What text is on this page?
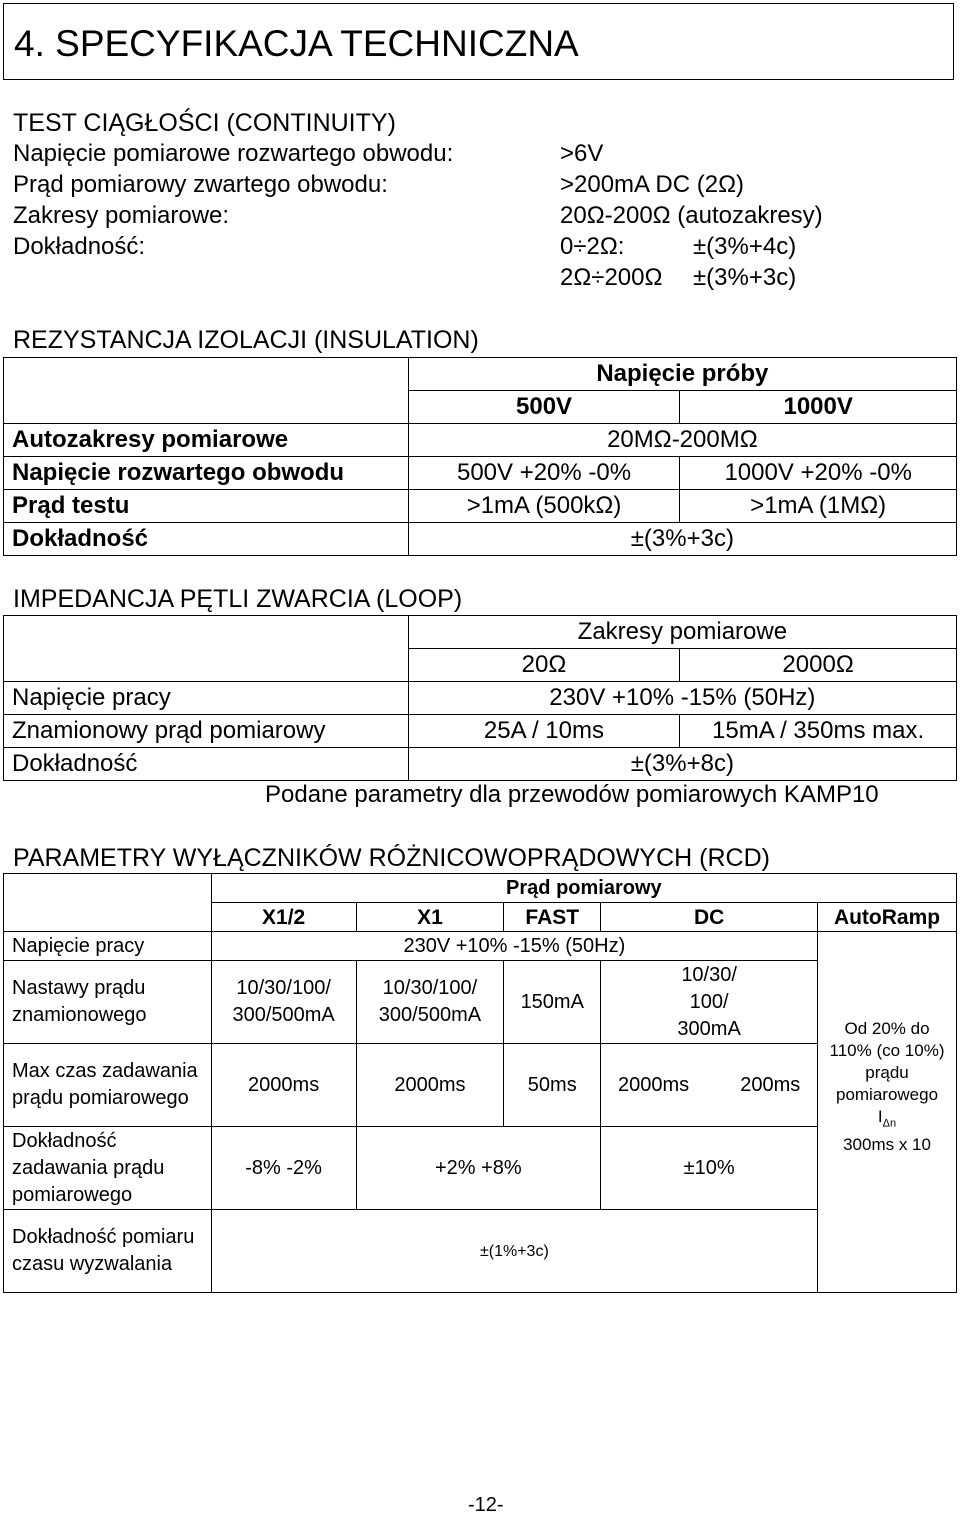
4. SPECYFIKACJA TECHNICZNA
TEST CIĄGŁOŚCI (CONTINUITY)
Napięcie pomiarowe rozwartego obwodu:	>6V
Prąd pomiarowy zwartego obwodu:	>200mA DC (2Ω)
Zakresy pomiarowe:	20Ω-200Ω (autozakresy)
Dokładność:	0÷2Ω:	±(3%+4c)
2Ω÷200Ω ±(3%+3c)
REZYSTANCJA IZOLACJI (INSULATION)
	Napięcie próby	
	500V	1000V
Autozakresy pomiarowe	20MΩ-200MΩ	
Napięcie rozwartego obwodu	500V +20% -0%	1000V +20% -0%
Prąd testu	>1mA (500kΩ)	>1mA (1MΩ)
Dokładność	±(3%+3c)	
IMPEDANCJA PĘTLI ZWARCIA (LOOP)
	Zakresy pomiarowe	
	20Ω	2000Ω
Napięcie pracy	230V +10% -15% (50Hz)	
Znamionowy prąd pomiarowy	25A / 10ms	15mA / 350ms max.
Dokładność	±(3%+8c)	
Podane parametry dla przewodów pomiarowych KAMP10
PARAMETRY WYŁĄCZNIKÓW RÓŻNICOWOPRĄDOWYCH (RCD)
	Prąd pomiarowy				
	X1/2	X1	FAST	DC	AutoRamp
Napięcie pracy	230V +10% -15% (50Hz)				Od 20% do 110% (co 10%) prądu pomiarowego $I_{\Delta n}$
300ms x 10

Nastawy prądu znamionowego	10/30/100/ 300/500mA	10/30/100/ 300/500mA	150mA	10/30/ 100/ 300mA	
Max czas zadawania prądu pomiarowego	2000ms	2000ms	50ms	2000ms 200ms	
Dokładność zadawania prądu pomiarowego	-8% -2%	+2% +8%		±10%	
Dokładność pomiaru czasu wyzwalania	±(1%+3c)				
-12-
